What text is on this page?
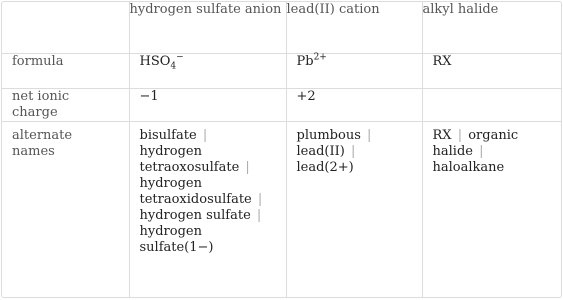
	hydrogen sulfate anion	lead(II) cation	alkyl halide
formula	$HSO_4^-$	$Pb^{2+}$	RX
net ionic charge	−1	+2	
alternate names	bisulfate |
hydrogen tetraoxosulfate |
hydrogen tetraoxidosulfate |
hydrogen sulfate |
hydrogen sulfate(1−)	plumbous |
lead(II) |
lead(2+)	RX | organic halide | haloalkane
